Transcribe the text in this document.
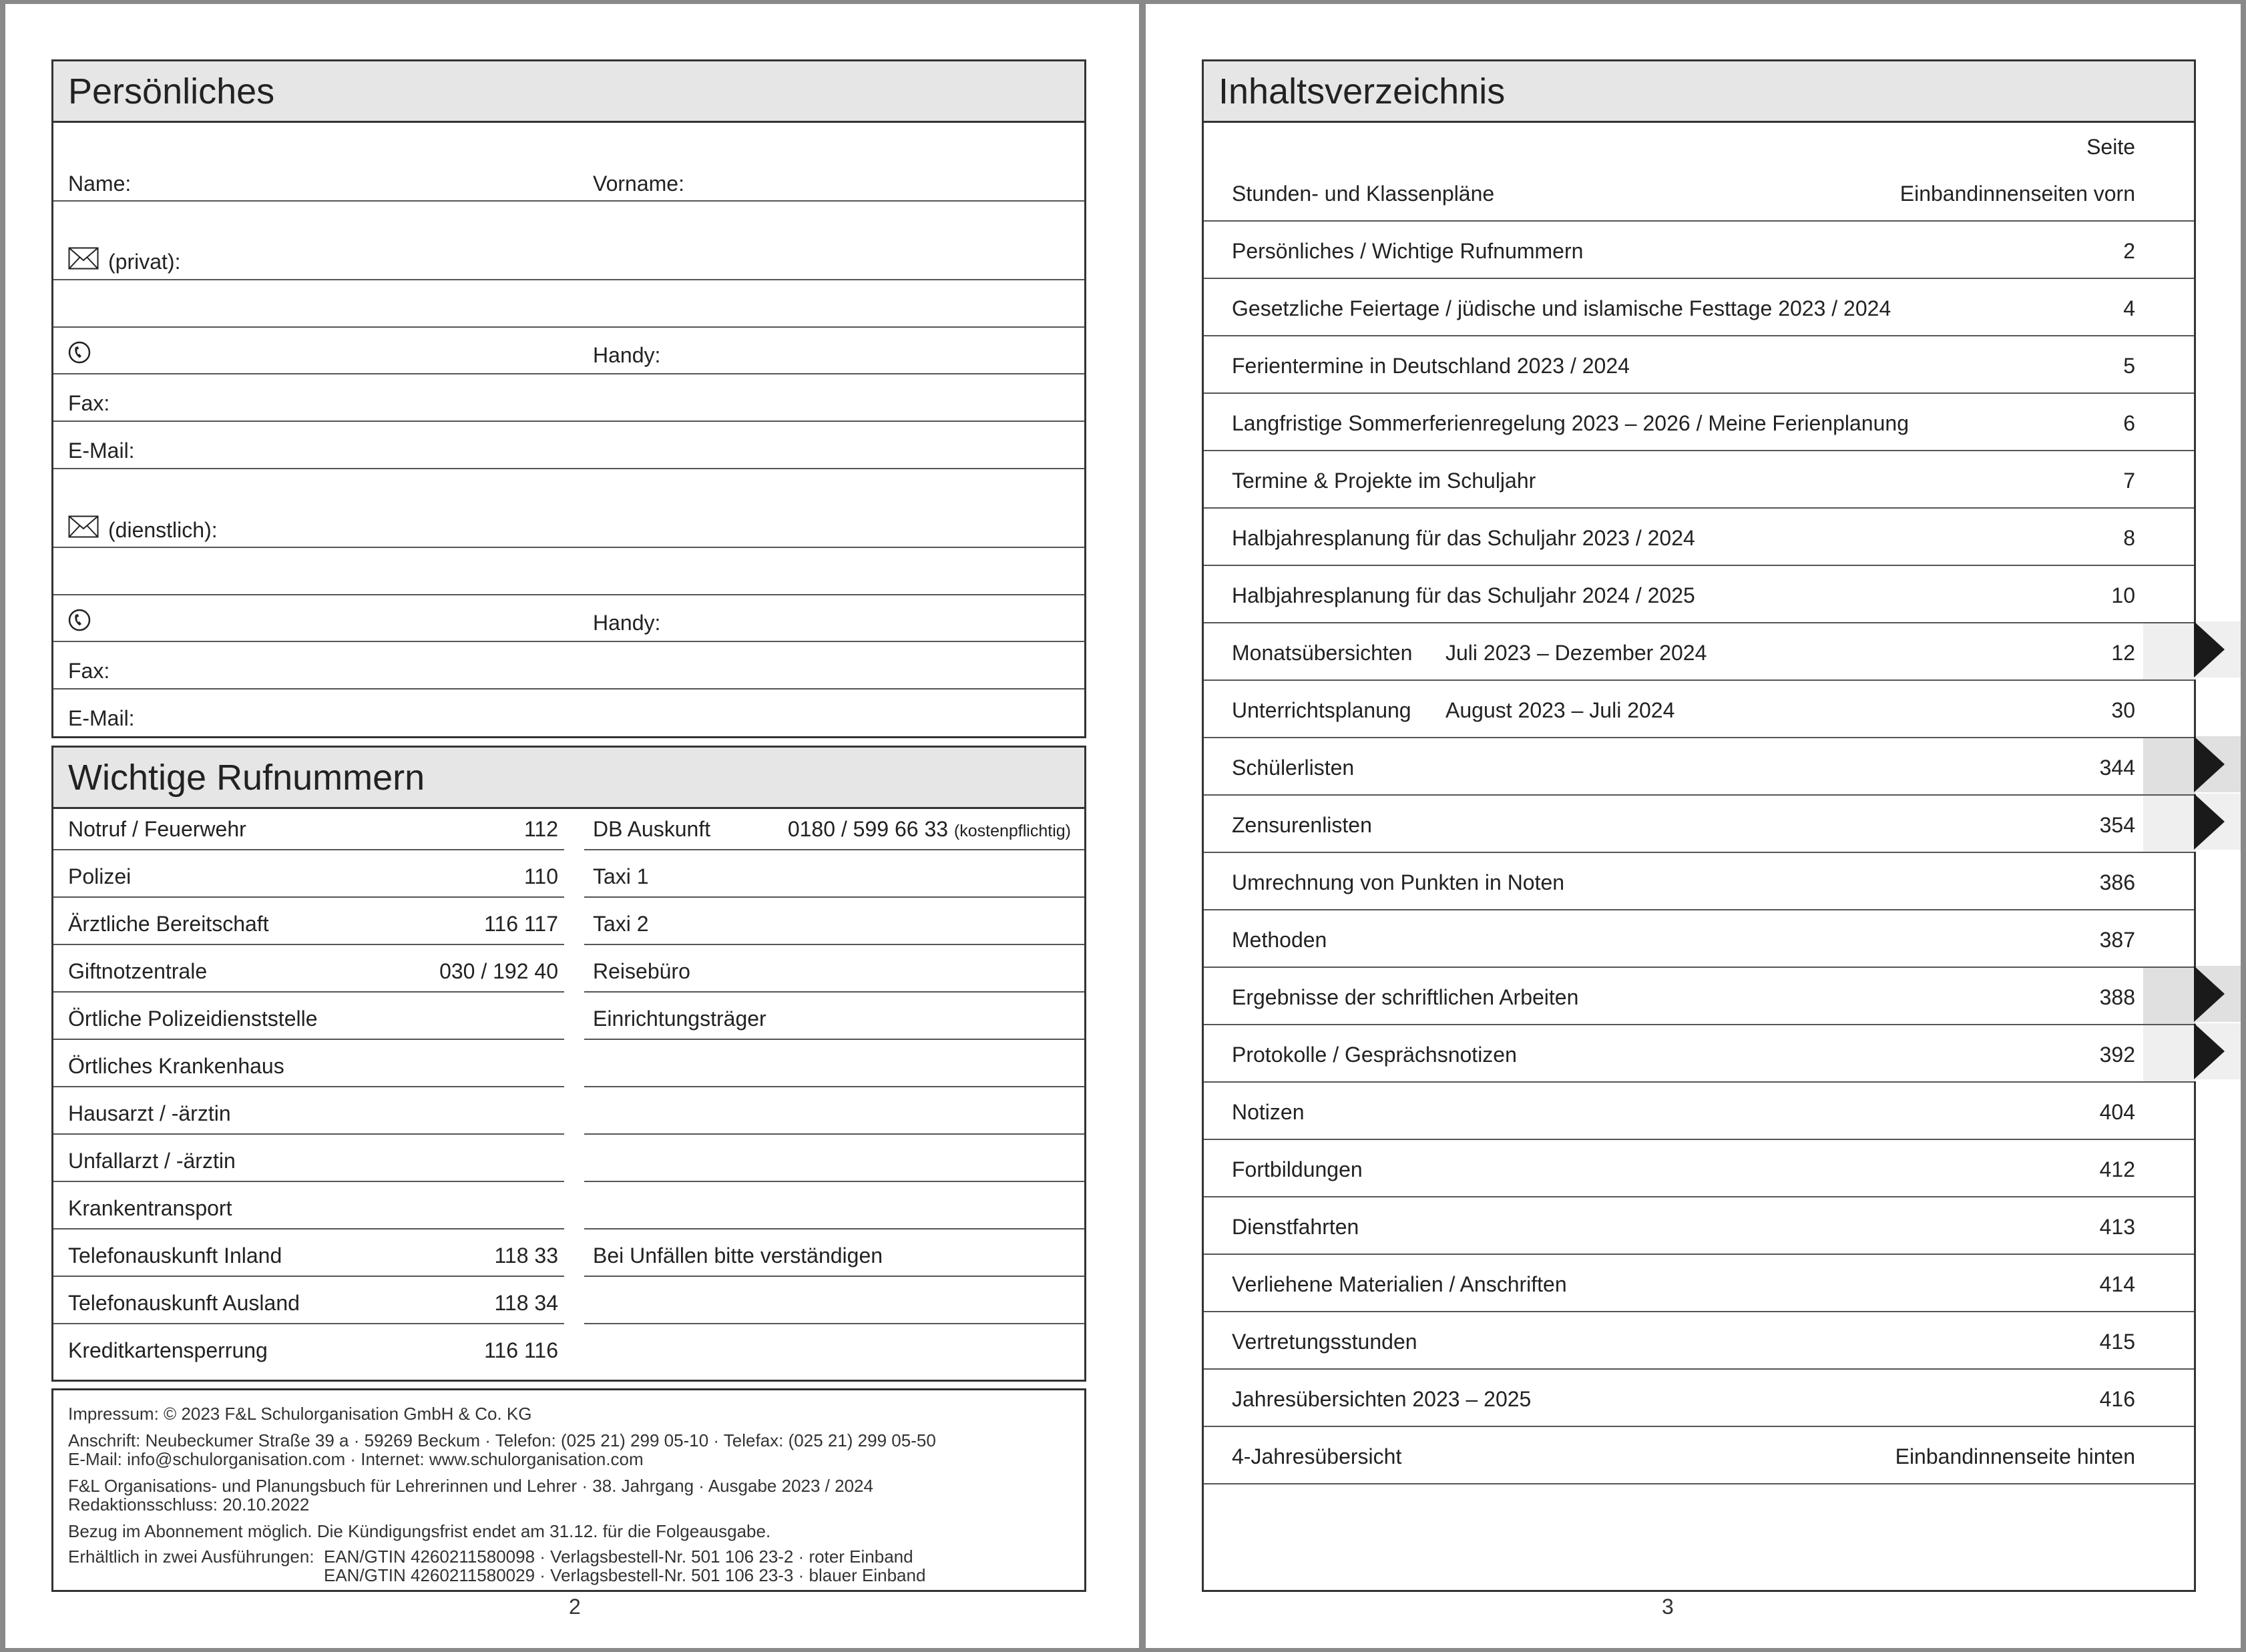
Persönliches
Name:	Vorname:
(privat):
Handy:
Fax:
E-Mail:
(dienstlich):
Handy:
Fax:
E-Mail:
Wichtige Rufnummern
Notruf / Feuerwehr	112 DB Auskunft	0180 / 599 66 33 (kostenpflichtig)
Polizei	110 Taxi 1
Ärztliche Bereitschaft	116 117 Taxi 2
Giftnotzentrale	030 / 192 40 Reisebüro
Örtliche Polizeidienststelle	Einrichtungsträger
Örtliches Krankenhaus
Hausarzt / -ärztin
Unfallarzt / -ärztin
Krankentransport
Telefonauskunft Inland	118 33 Bei Unfällen bitte verständigen
Telefonauskunft Ausland	118 34
Kreditkartensperrung	116 116
Impressum: © 2023 F&L Schulorganisation GmbH & Co. KG
Anschrift: Neubeckumer Straße 39 a · 59269 Beckum · Telefon: (025 21) 299 05-10 · Telefax: (025 21) 299 05-50
E-Mail: info@schulorganisation.com · Internet: www.schulorganisation.com
F&L Organisations- und Planungsbuch für Lehrerinnen und Lehrer · 38. Jahrgang · Ausgabe 2023 / 2024
Redaktionsschluss: 20.10.2022
Bezug im Abonnement möglich. Die Kündigungsfrist endet am 31.12. für die Folgeausgabe.
Erhältlich in zwei Ausführungen: EAN/GTIN 4260211580098 · Verlagsbestell-Nr. 501 106 23-2 · roter Einband
EAN/GTIN 4260211580029 · Verlagsbestell-Nr. 501 106 23-3 · blauer Einband
2
Inhaltsverzeichnis
Seite
Stunden- und Klassenpläne	Einbandinnenseiten vorn
Persönliches / Wichtige Rufnummern	2
Gesetzliche Feiertage / jüdische und islamische Festtage 2023 / 2024	4
Ferientermine in Deutschland 2023 / 2024	5
Langfristige Sommerferienregelung 2023 – 2026 / Meine Ferienplanung	6
Termine & Projekte im Schuljahr	7
Halbjahresplanung für das Schuljahr 2023 / 2024	8
Halbjahresplanung für das Schuljahr 2024 / 2025	10
Monatsübersichten Juli 2023 – Dezember 2024	12
Unterrichtsplanung August 2023 – Juli 2024	30
Schülerlisten	344
Zensurenlisten	354
Umrechnung von Punkten in Noten	386
Methoden	387
Ergebnisse der schriftlichen Arbeiten	388
Protokolle / Gesprächsnotizen	392
Notizen	404
Fortbildungen	412
Dienstfahrten	413
Verliehene Materialien / Anschriften	414
Vertretungsstunden	415
Jahresübersichten 2023 – 2025	416
4-Jahresübersicht	Einbandinnenseite hinten
3
